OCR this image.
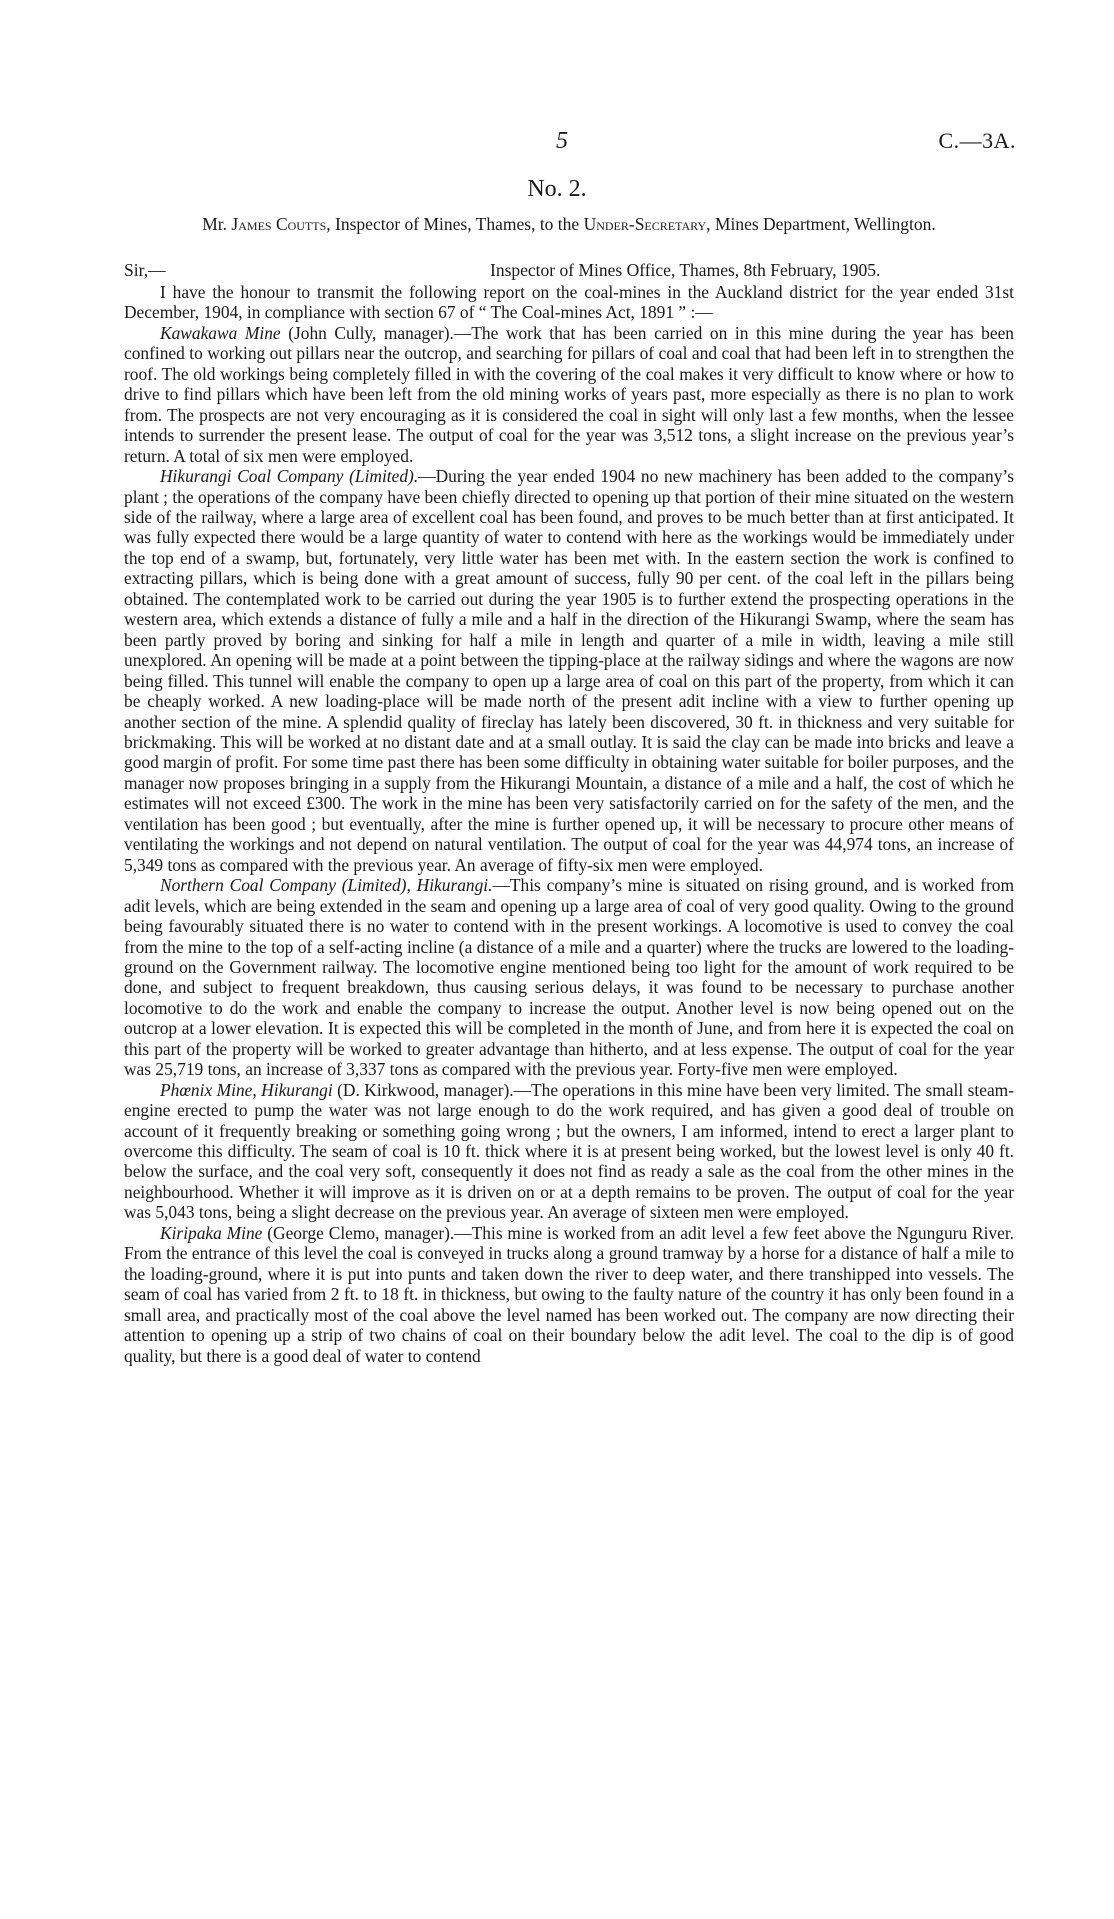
5	C.—3A.
No. 2.
Mr. James Coutts, Inspector of Mines, Thames, to the Under-Secretary, Mines Department, Wellington.
Sir,—	Inspector of Mines Office, Thames, 8th February, 1905.

I have the honour to transmit the following report on the coal-mines in the Auckland district for the year ended 31st December, 1904, in compliance with section 67 of “ The Coal-mines Act, 1891 ” :—

Kawakawa Mine (John Cully, manager).—The work that has been carried on in this mine during the year has been confined to working out pillars near the outcrop, and searching for pillars of coal and coal that had been left in to strengthen the roof. The old workings being completely filled in with the covering of the coal makes it very difficult to know where or how to drive to find pillars which have been left from the old mining works of years past, more especially as there is no plan to work from. The prospects are not very encouraging as it is considered the coal in sight will only last a few months, when the lessee intends to surrender the present lease. The output of coal for the year was 3,512 tons, a slight increase on the previous year’s return. A total of six men were employed.

Hikurangi Coal Company (Limited).—During the year ended 1904 no new machinery has been added to the company’s plant ; the operations of the company have been chiefly directed to opening up that portion of their mine situated on the western side of the railway, where a large area of excellent coal has been found, and proves to be much better than at first anticipated. It was fully expected there would be a large quantity of water to contend with here as the workings would be immediately under the top end of a swamp, but, fortunately, very little water has been met with. In the eastern section the work is confined to extracting pillars, which is being done with a great amount of success, fully 90 per cent. of the coal left in the pillars being obtained. The contemplated work to be carried out during the year 1905 is to further extend the prospecting operations in the western area, which extends a distance of fully a mile and a half in the direction of the Hikurangi Swamp, where the seam has been partly proved by boring and sinking for half a mile in length and quarter of a mile in width, leaving a mile still unexplored. An opening will be made at a point between the tipping-place at the railway sidings and where the wagons are now being filled. This tunnel will enable the company to open up a large area of coal on this part of the property, from which it can be cheaply worked. A new loading-place will be made north of the present adit incline with a view to further opening up another section of the mine. A splendid quality of fireclay has lately been discovered, 30 ft. in thickness and very suitable for brickmaking. This will be worked at no distant date and at a small outlay. It is said the clay can be made into bricks and leave a good margin of profit. For some time past there has been some difficulty in obtaining water suitable for boiler purposes, and the manager now proposes bringing in a supply from the Hikurangi Mountain, a distance of a mile and a half, the cost of which he estimates will not exceed £300. The work in the mine has been very satisfactorily carried on for the safety of the men, and the ventilation has been good ; but eventually, after the mine is further opened up, it will be necessary to procure other means of ventilating the workings and not depend on natural ventilation. The output of coal for the year was 44,974 tons, an increase of 5,349 tons as compared with the previous year. An average of fifty-six men were employed.

Northern Coal Company (Limited), Hikurangi.—This company’s mine is situated on rising ground, and is worked from adit levels, which are being extended in the seam and opening up a large area of coal of very good quality. Owing to the ground being favourably situated there is no water to contend with in the present workings. A locomotive is used to convey the coal from the mine to the top of a self-acting incline (a distance of a mile and a quarter) where the trucks are lowered to the loading-ground on the Government railway. The locomotive engine mentioned being too light for the amount of work required to be done, and subject to frequent breakdown, thus causing serious delays, it was found to be necessary to purchase another locomotive to do the work and enable the company to increase the output. Another level is now being opened out on the outcrop at a lower elevation. It is expected this will be completed in the month of June, and from here it is expected the coal on this part of the property will be worked to greater advantage than hitherto, and at less expense. The output of coal for the year was 25,719 tons, an increase of 3,337 tons as compared with the previous year. Forty-five men were employed.

Phœnix Mine, Hikurangi (D. Kirkwood, manager).—The operations in this mine have been very limited. The small steam-engine erected to pump the water was not large enough to do the work required, and has given a good deal of trouble on account of it frequently breaking or something going wrong ; but the owners, I am informed, intend to erect a larger plant to overcome this difficulty. The seam of coal is 10 ft. thick where it is at present being worked, but the lowest level is only 40 ft. below the surface, and the coal very soft, consequently it does not find as ready a sale as the coal from the other mines in the neighbourhood. Whether it will improve as it is driven on or at a depth remains to be proven. The output of coal for the year was 5,043 tons, being a slight decrease on the previous year. An average of sixteen men were employed.

Kiripaka Mine (George Clemo, manager).—This mine is worked from an adit level a few feet above the Ngunguru River. From the entrance of this level the coal is conveyed in trucks along a ground tramway by a horse for a distance of half a mile to the loading-ground, where it is put into punts and taken down the river to deep water, and there transhipped into vessels. The seam of coal has varied from 2 ft. to 18 ft. in thickness, but owing to the faulty nature of the country it has only been found in a small area, and practically most of the coal above the level named has been worked out. The company are now directing their attention to opening up a strip of two chains of coal on their boundary below the adit level. The coal to the dip is of good quality, but there is a good deal of water to contend
